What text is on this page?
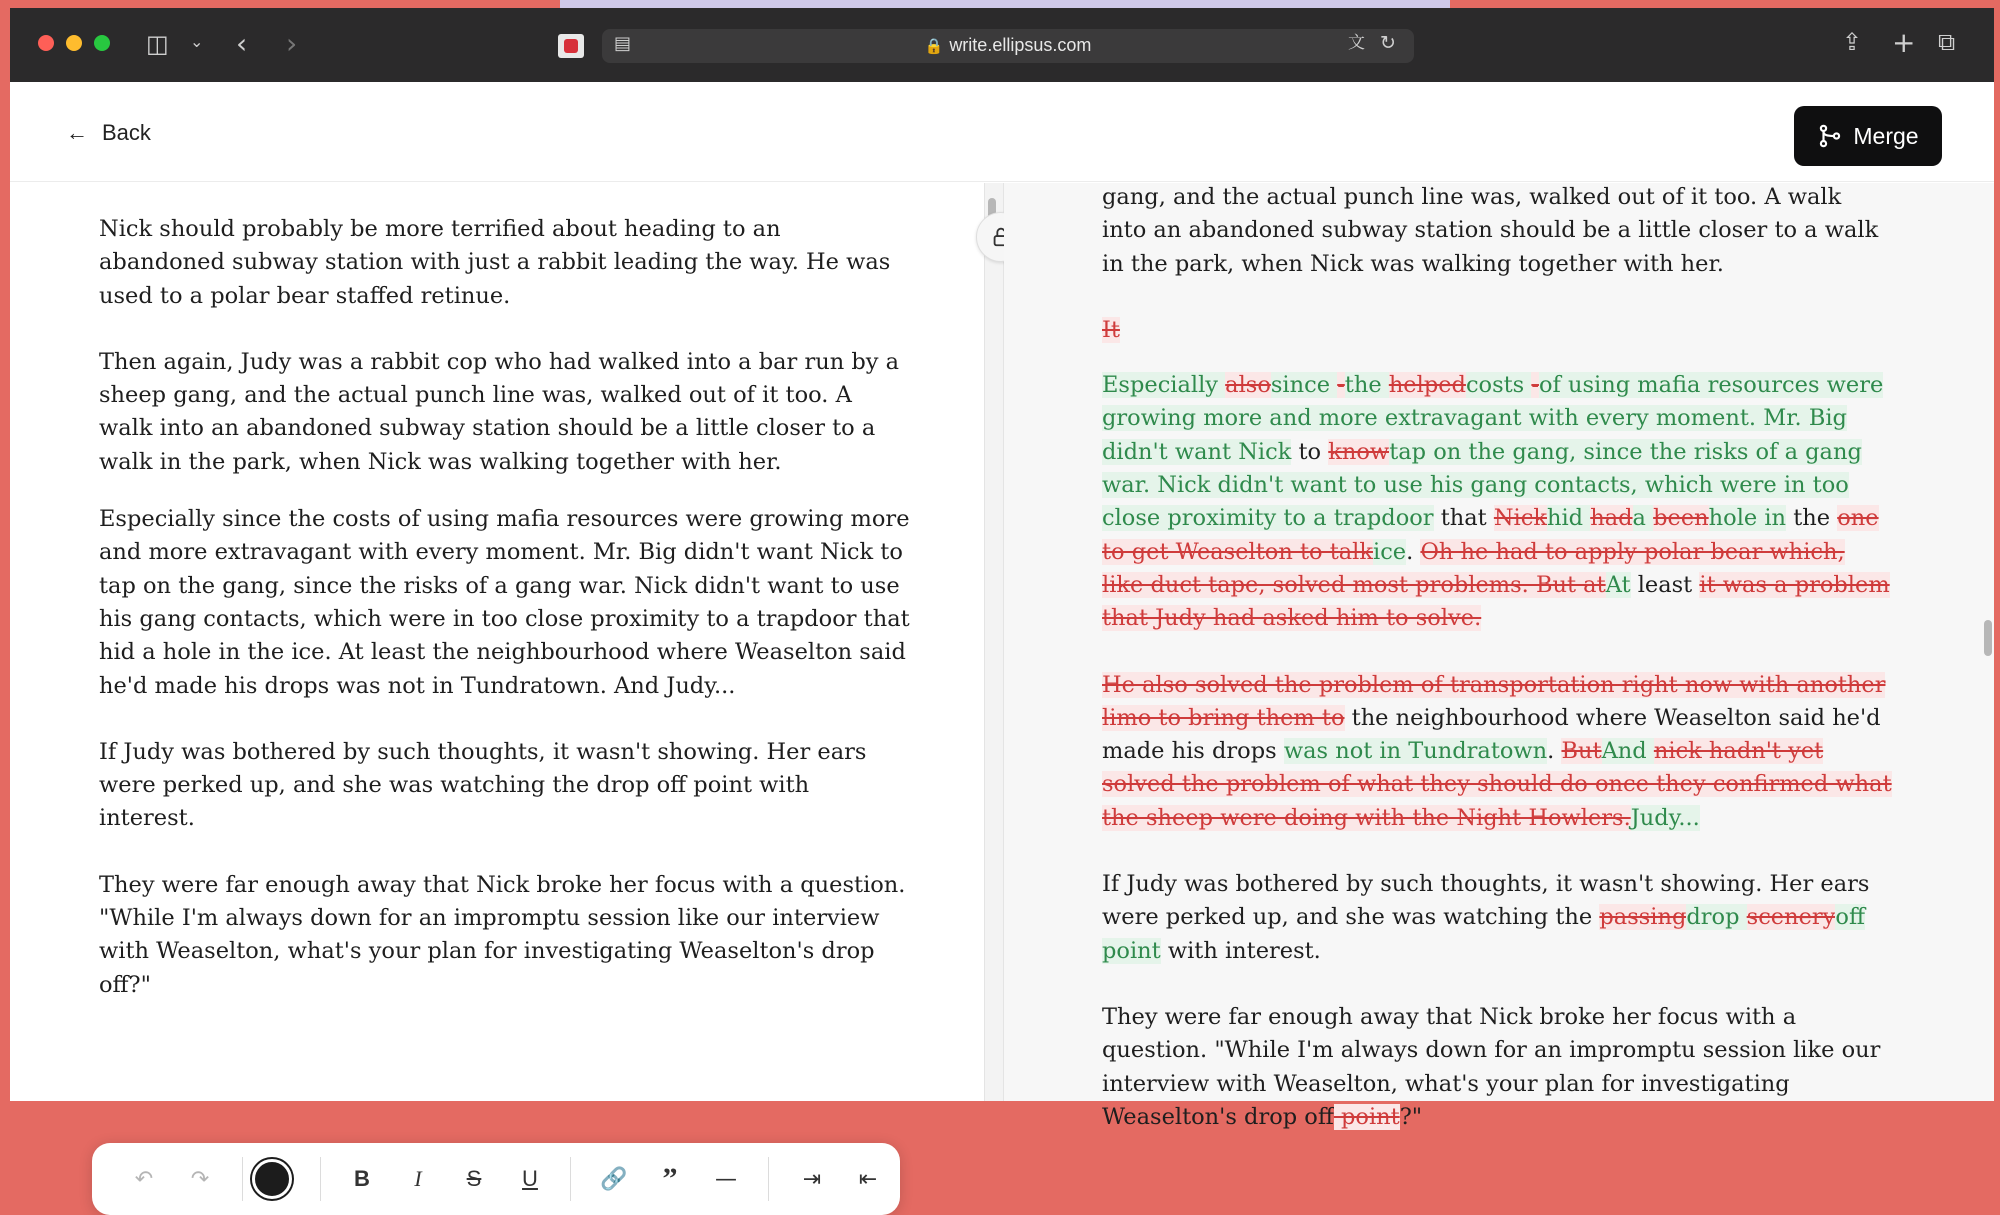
◫ ⌄ ‹ ›	▤	🔒 write.ellipsus.com	文 ↻	⇪ + ⧉
← Back	Merge

Nick should probably be more terrified about heading to an abandoned subway station with just a rabbit leading the way. He was used to a polar bear staffed retinue.

Then again, Judy was a rabbit cop who had walked into a bar run by a sheep gang, and the actual punch line was, walked out of it too. A walk into an abandoned subway station should be a little closer to a walk in the park, when Nick was walking together with her.

Especially since the costs of using mafia resources were growing more and more extravagant with every moment. Mr. Big didn't want Nick to tap on the gang, since the risks of a gang war. Nick didn't want to use his gang contacts, which were in too close proximity to a trapdoor that hid a hole in the ice. At least the neighbourhood where Weaselton said he'd made his drops was not in Tundratown. And Judy...

If Judy was bothered by such thoughts, it wasn't showing. Her ears were perked up, and she was watching the drop off point with interest.

They were far enough away that Nick broke her focus with a question. "While I'm always down for an impromptu session like our interview with Weaselton, what's your plan for investigating Weaselton's drop off?"

↶	↷	B	I	S	U	🔗	”	—	⇥	⇤

gang, and the actual punch line was, walked out of it too. A walk into an abandoned subway station should be a little closer to a walk in the park, when Nick was walking together with her.

It

Especially alsosince -the helpedcosts -of using mafia resources were growing more and more extravagant with every moment. Mr. Big didn't want Nick to knowtap on the gang, since the risks of a gang war. Nick didn't want to use his gang contacts, which were in too close proximity to a trapdoor that Nickhid hada beenhole in the one to get Weaselton to talkice. Oh he had to apply polar bear which, like duct tape, solved most problems. But atAt least it was a problem that Judy had asked him to solve.

He also solved the problem of transportation right now with another limo to bring them to the neighbourhood where Weaselton said he'd made his drops was not in Tundratown. ButAnd nick hadn't yet solved the problem of what they should do once they confirmed what the sheep were doing with the Night Howlers.Judy...

If Judy was bothered by such thoughts, it wasn't showing. Her ears were perked up, and she was watching the passingdrop sceneryoff point with interest.

They were far enough away that Nick broke her focus with a question. "While I'm always down for an impromptu session like our interview with Weaselton, what's your plan for investigating Weaselton's drop off point?"
